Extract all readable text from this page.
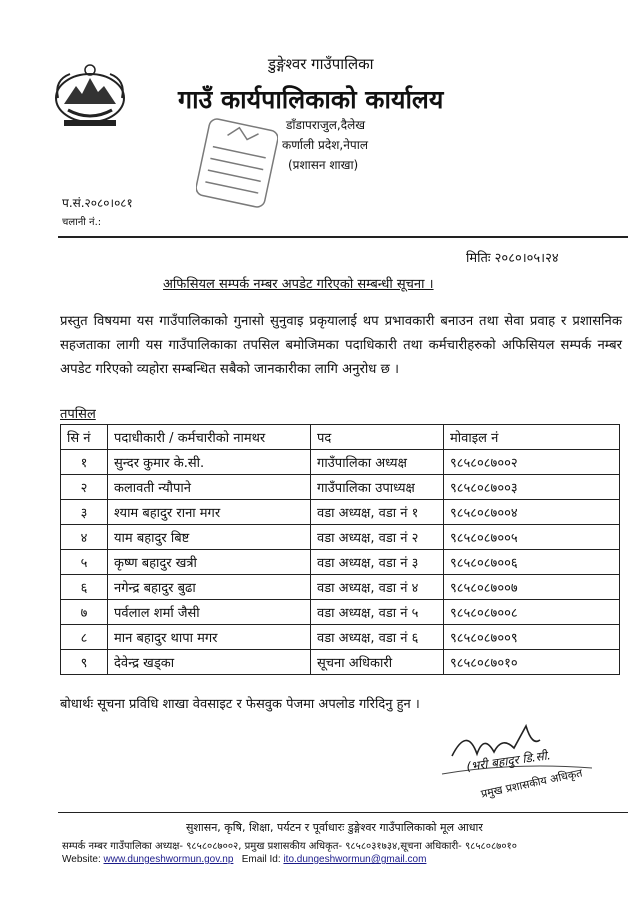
डुङ्गेश्वर गाउँपालिका
गाउँ कार्यपालिकाको कार्यालय
डाँडापराजुल,दैलेख
कर्णाली प्रदेश,नेपाल
(प्रशासन शाखा)
प.सं.२०८०।०८१
चलानी नं.:
मितिः २०८०।०५।२४
अफिसियल सम्पर्क नम्बर अपडेट गरिएको सम्बन्धी सूचना ।
प्रस्तुत विषयमा यस गाउँपालिकाको गुनासो सुनुवाइ प्रकृयालाई थप प्रभावकारी बनाउन तथा सेवा प्रवाह र प्रशासनिक सहजताका लागी यस गाउँपालिकाका तपसिल बमोजिमका पदाधिकारी तथा कर्मचारीहरुको अफिसियल सम्पर्क नम्बर अपडेट गरिएको व्यहोरा सम्बन्धित सबैको जानकारीका लागि अनुरोध छ ।
तपसिल
सि नं	पदाधीकारी / कर्मचारीको नामथर	पद	मोवाइल नं
१	सुन्दर कुमार के.सी.	गाउँपालिका अध्यक्ष	९८५८०८७००२
२	कलावती न्यौपाने	गाउँपालिका उपाध्यक्ष	९८५८०८७००३
३	श्याम बहादुर राना मगर	वडा अध्यक्ष, वडा नं १	९८५८०८७००४
४	याम बहादुर बिष्ट	वडा अध्यक्ष, वडा नं २	९८५८०८७००५
५	कृष्ण बहादुर खत्री	वडा अध्यक्ष, वडा नं ३	९८५८०८७००६
६	नगेन्द्र बहादुर बुढा	वडा अध्यक्ष, वडा नं ४	९८५८०८७००७
७	पर्वलाल शर्मा जैसी	वडा अध्यक्ष, वडा नं ५	९८५८०८७००८
८	मान बहादुर थापा मगर	वडा अध्यक्ष, वडा नं ६	९८५८०८७००९
९	देवेन्द्र खड्का	सूचना अधिकारी	९८५८०८७०१०
बोधार्थः सूचना प्रविधि शाखा वेवसाइट र फेसवुक पेजमा अपलोड गरिदिनु हुन ।
(भरी बहादुर डि.सी.
प्रमुख प्रशासकीय अधिकृत
सुशासन, कृषि, शिक्षा, पर्यटन र पूर्वाधारः डुङ्गेश्वर गाउँपालिकाको मूल आधार
सम्पर्क नम्बर गाउँपालिका अध्यक्ष- ९८५८०८७००२, प्रमुख प्रशासकीय अधिकृत- ९८५८०३१७३४,सूचना अधिकारी- ९८५८०८७०१०
Website: www.dungeshwormun.gov.np Email Id: ito.dungeshwormun@gmail.com
